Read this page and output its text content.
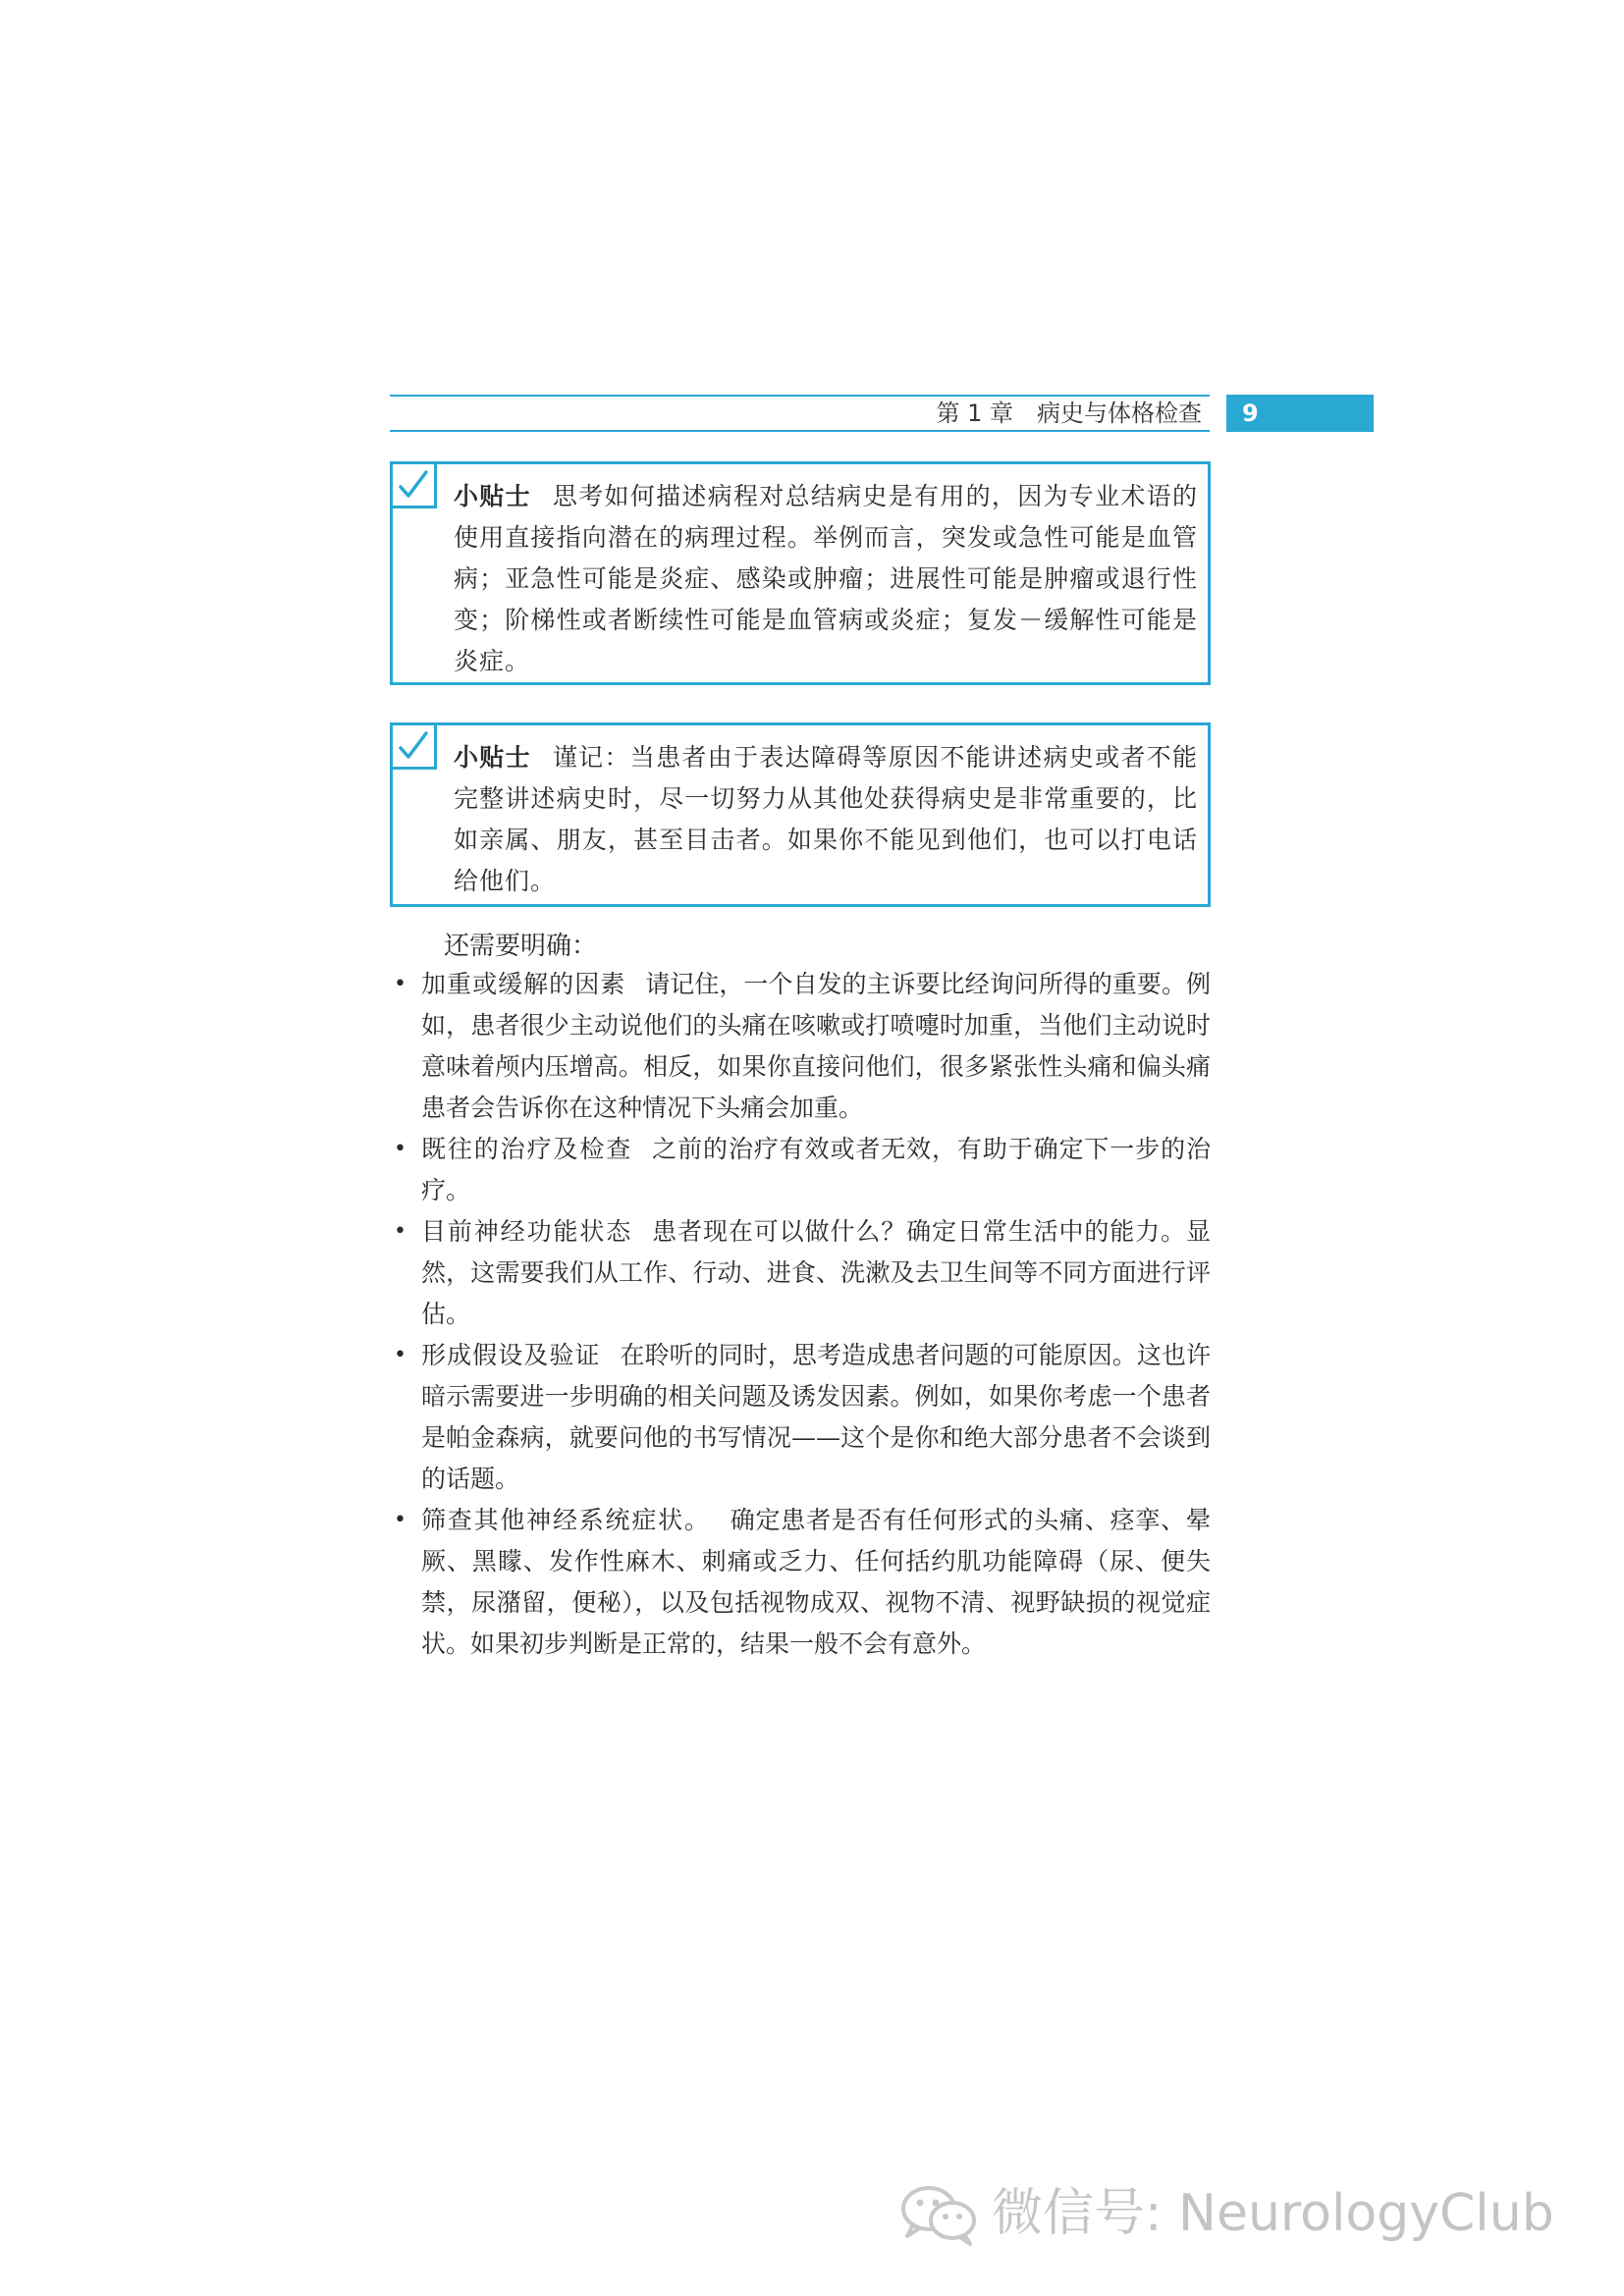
第 1 章　病史与体格检查 9
小贴士 思考如何描述病程对总结病史是有用的，因为专业术语的使用直接指向潜在的病理过程。举例而言，突发或急性可能是血管病；亚急性可能是炎症、感染或肿瘤；进展性可能是肿瘤或退行性变；阶梯性或者断续性可能是血管病或炎症；复发－缓解性可能是炎症。
小贴士 谨记：当患者由于表达障碍等原因不能讲述病史或者不能完整讲述病史时，尽一切努力从其他处获得病史是非常重要的，比如亲属、朋友，甚至目击者。如果你不能见到他们，也可以打电话给他们。
还需要明确：
• 加重或缓解的因素 请记住，一个自发的主诉要比经询问所得的重要。例如，患者很少主动说他们的头痛在咳嗽或打喷嚏时加重，当他们主动说时意味着颅内压增高。相反，如果你直接问他们，很多紧张性头痛和偏头痛患者会告诉你在这种情况下头痛会加重。
• 既往的治疗及检查 之前的治疗有效或者无效，有助于确定下一步的治疗。
• 目前神经功能状态 患者现在可以做什么？确定日常生活中的能力。显然，这需要我们从工作、行动、进食、洗漱及去卫生间等不同方面进行评估。
• 形成假设及验证 在聆听的同时，思考造成患者问题的可能原因。这也许暗示需要进一步明确的相关问题及诱发因素。例如，如果你考虑一个患者是帕金森病，就要问他的书写情况——这个是你和绝大部分患者不会谈到的话题。
• 筛查其他神经系统症状。 确定患者是否有任何形式的头痛、痉挛、晕厥、黑矇、发作性麻木、刺痛或乏力、任何括约肌功能障碍（尿、便失禁，尿潴留，便秘），以及包括视物成双、视物不清、视野缺损的视觉症状。如果初步判断是正常的，结果一般不会有意外。
微信号: NeurologyClub
